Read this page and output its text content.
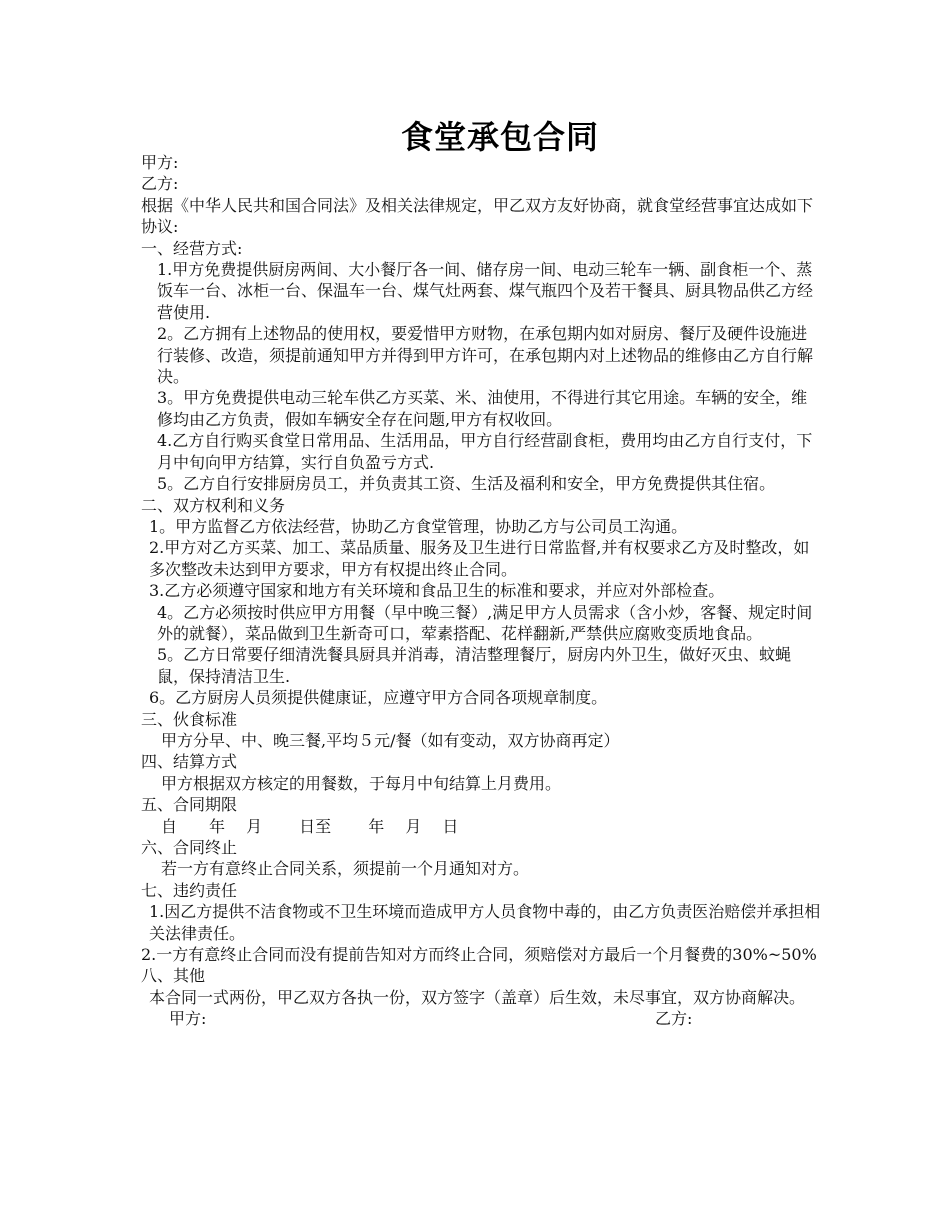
食堂承包合同

甲方:

乙方:

根据《中华人民共和国合同法》及相关法律规定，甲乙双方友好协商，就食堂经营事宜达成如下协议:

一、经营方式:

1.甲方免费提供厨房两间、大小餐厅各一间、储存房一间、电动三轮车一辆、副食柜一个、蒸饭车一台、冰柜一台、保温车一台、煤气灶两套、煤气瓶四个及若干餐具、厨具物品供乙方经营使用.

2。乙方拥有上述物品的使用权，要爱惜甲方财物，在承包期内如对厨房、餐厅及硬件设施进行装修、改造，须提前通知甲方并得到甲方许可，在承包期内对上述物品的维修由乙方自行解决。

3。甲方免费提供电动三轮车供乙方买菜、米、油使用，不得进行其它用途。车辆的安全，维修均由乙方负责，假如车辆安全存在问题,甲方有权收回。

4.乙方自行购买食堂日常用品、生活用品，甲方自行经营副食柜，费用均由乙方自行支付，下月中旬向甲方结算，实行自负盈亏方式.

5。乙方自行安排厨房员工，并负责其工资、生活及福利和安全，甲方免费提供其住宿。

二、双方权利和义务

1。甲方监督乙方依法经营，协助乙方食堂管理，协助乙方与公司员工沟通。

2.甲方对乙方买菜、加工、菜品质量、服务及卫生进行日常监督,并有权要求乙方及时整改，如多次整改未达到甲方要求，甲方有权提出终止合同。

3.乙方必须遵守国家和地方有关环境和食品卫生的标准和要求，并应对外部检查。

4。乙方必须按时供应甲方用餐（早中晚三餐）,满足甲方人员需求（含小炒，客餐、规定时间外的就餐），菜品做到卫生新奇可口，荤素搭配、花样翻新,严禁供应腐败变质地食品。

5。乙方日常要仔细清洗餐具厨具并消毒，清洁整理餐厅，厨房内外卫生，做好灭虫、蚊蝇鼠，保持清洁卫生.

6。乙方厨房人员须提供健康证，应遵守甲方合同各项规章制度。

三、伙食标准

甲方分早、中、晚三餐,平均５元/餐（如有变动，双方协商再定）

四、结算方式

甲方根据双方核定的用餐数，于每月中旬结算上月费用。

五、合同期限

自　　年　 月　　 日至　　 年　 月　 日

六、合同终止

若一方有意终止合同关系，须提前一个月通知对方。

七、违约责任

1.因乙方提供不洁食物或不卫生环境而造成甲方人员食物中毒的，由乙方负责医治赔偿并承担相关法律责任。

2.一方有意终止合同而没有提前告知对方而终止合同，须赔偿对方最后一个月餐费的30%~50%

八、其他

本合同一式两份，甲乙双方各执一份，双方签字（盖章）后生效，未尽事宜，双方协商解决。

甲方:	乙方:
